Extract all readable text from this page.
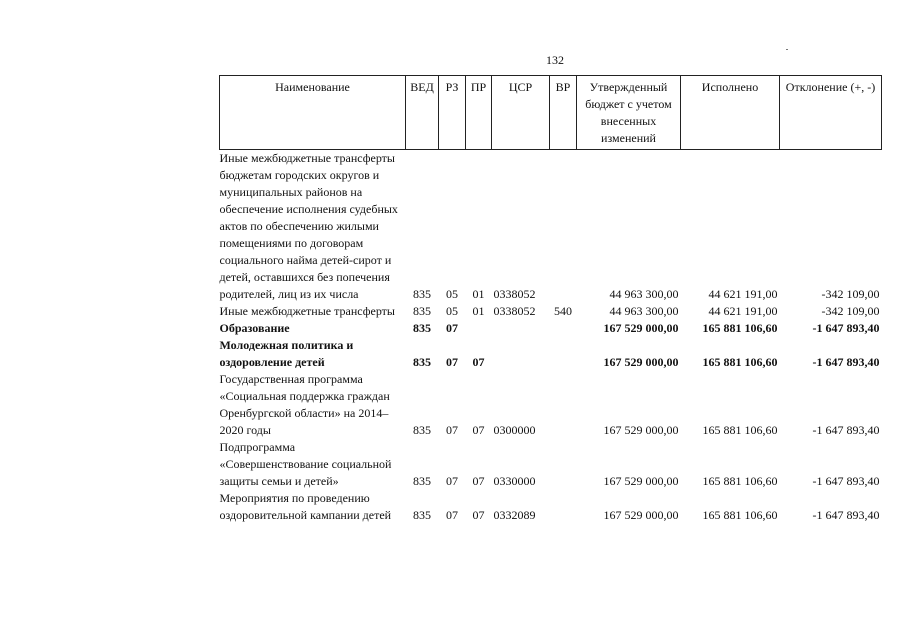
132
Наименование	ВЕД	РЗ	ПР	ЦСР	ВР	Утвержденный бюджет с учетом внесенных изменений	Исполнено	Отклонение (+, -)
Иные межбюджетные трансферты бюджетам городских округов и муниципальных районов на обеспечение исполнения судебных актов по обеспечению жилыми помещениями по договорам социального найма детей-сирот и детей, оставшихся без попечения родителей, лиц из их числа	835	05	01	0338052		44 963 300,00	44 621 191,00	-342 109,00
Иные межбюджетные трансферты	835	05	01	0338052	540	44 963 300,00	44 621 191,00	-342 109,00
Образование	835	07				167 529 000,00	165 881 106,60	-1 647 893,40
Молодежная политика и оздоровление детей	835	07	07			167 529 000,00	165 881 106,60	-1 647 893,40
Государственная программа «Социальная поддержка граждан Оренбургской области» на 2014–2020 годы	835	07	07	0300000		167 529 000,00	165 881 106,60	-1 647 893,40
Подпрограмма «Совершенствование социальной защиты семьи и детей»	835	07	07	0330000		167 529 000,00	165 881 106,60	-1 647 893,40
Мероприятия по проведению оздоровительной кампании детей	835	07	07	0332089		167 529 000,00	165 881 106,60	-1 647 893,40
